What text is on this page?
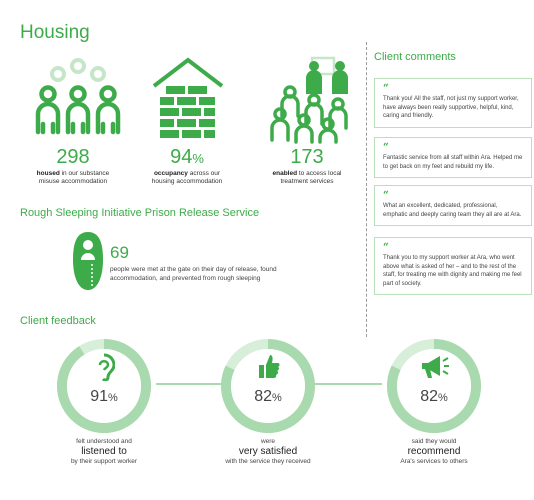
Housing
298
housed in our substance
misuse accommodation
94%
occupancy across our
housing accommodation
173
enabled to access local
treatment services
Rough Sleeping Initiative Prison Release Service
69
people were met at the gate on their day of release, found
accommodation, and prevented from rough sleeping
Client comments
“
Thank you! All the staff, not just my support worker, have always been really supportive, helpful, kind, caring and friendly.
“
Fantastic service from all staff within Ara. Helped me to get back on my feet and rebuild my life.
“
What an excellent, dedicated, professional, emphatic and deeply caring team they all are at Ara.
“
Thank you to my support worker at Ara, who went above what is asked of her – and to the rest of the staff, for treating me with dignity and making me feel part of society.
Client feedback
91%	82%	82%
felt understood and
listened to
by their support worker
were
very satisfied
with the service they received
said they would
recommend
Ara's services to others
